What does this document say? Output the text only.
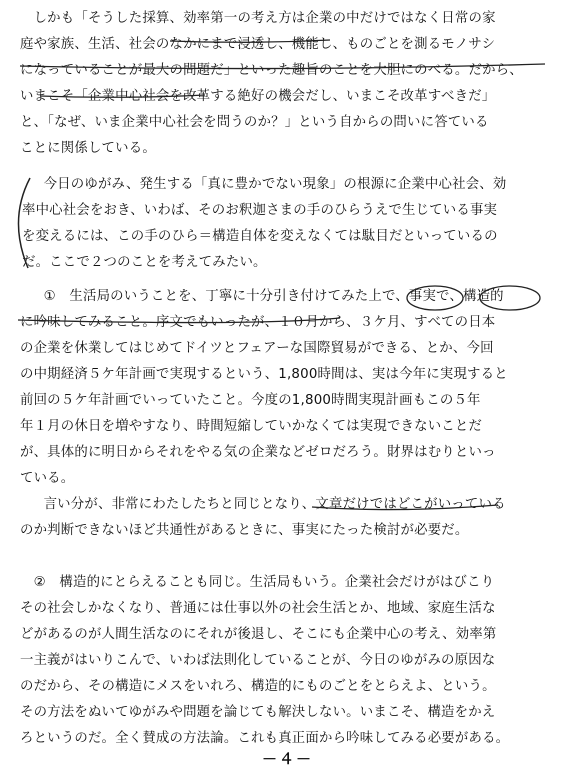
　しかも「そうした採算、効率第一の考え方は企業の中だけではなく日常の家
庭や家族、生活、社会のなかにまで浸透し、機能し、ものごとを測るモノサシ
になっていることが最大の問題だ」といった趣旨のことを大胆にのべる。だから、
いまこそ「企業中心社会を改革する絶好の機会だし、いまこそ改革すべきだ」
と、「なぜ、いま企業中心社会を問うのか？」という自からの問いに答ている
ことに関係している。
　今日のゆがみ、発生する「真に豊かでない現象」の根源に企業中心社会、効
率中心社会をおき、いわば、そのお釈迦さまの手のひらうえで生じている事実
を変えるには、この手のひら＝構造自体を変えなくては駄目だといっているの
だ。ここで２つのことを考えてみたい。
　①　生活局のいうことを、丁寧に十分引き付けてみた上で、事実で、構造的
に吟味してみること。序文でもいったが、１０月から、３ケ月、すべての日本
の企業を休業してはじめてドイツとフェアーな国際貿易ができる、とか、今回
の中期経済５ケ年計画で実現するという、1,800時間は、実は今年に実現すると
前回の５ケ年計画でいっていたこと。今度の1,800時間実現計画もこの５年
年１月の休日を増やすなり、時間短縮していかなくては実現できないことだ
が、具体的に明日からそれをやる気の企業などゼロだろう。財界はむりといっ
ている。
　言い分が、非常にわたしたちと同じとなり、文章だけではどこがいっている
のか判断できないほど共通性があるときに、事実にたった検討が必要だ。
　②　構造的にとらえることも同じ。生活局もいう。企業社会だけがはびこり
その社会しかなくなり、普通には仕事以外の社会生活とか、地域、家庭生活な
どがあるのが人間生活なのにそれが後退し、そこにも企業中心の考え、効率第
一主義がはいりこんで、いわば法則化していることが、今日のゆがみの原因な
のだから、その構造にメスをいれろ、構造的にものごとをとらえよ、という。
その方法をぬいてゆがみや問題を論じても解決しない。いまこそ、構造をかえ
ろというのだ。全く賛成の方法論。これも真正面から吟味してみる必要がある。
－４－
